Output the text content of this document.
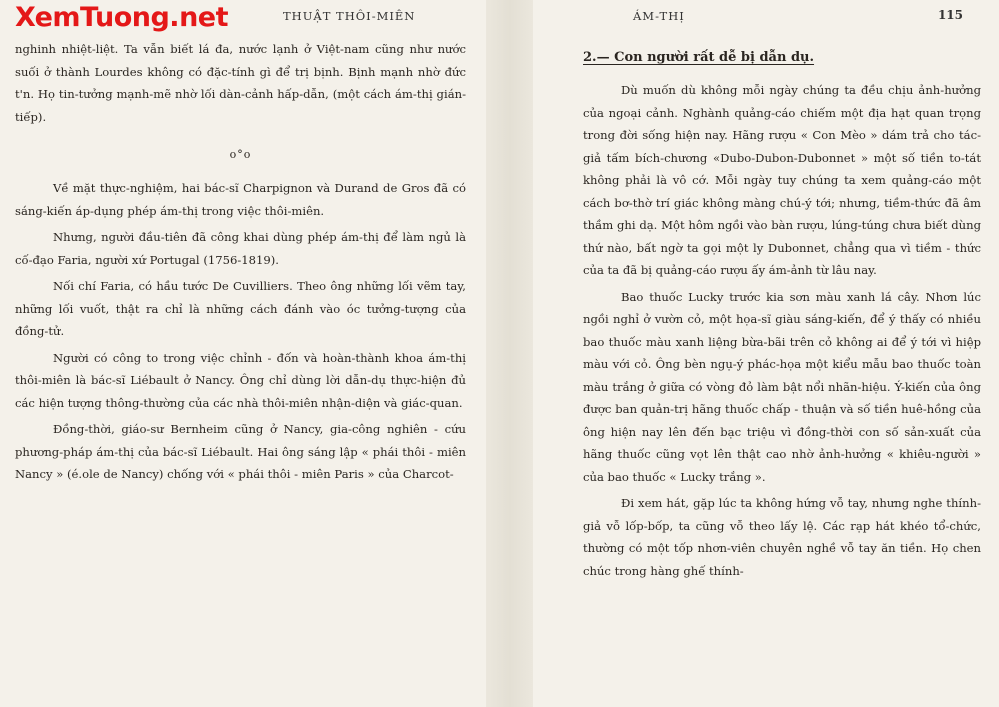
XemTuong.net	THUẬT THÔI-MIÊN

nghinh nhiệt-liệt. Ta vẫn biết lá đa, nước lạnh ở Việt-nam cũng như nước suối ở thành Lourdes không có đặc-tính gì để trị bịnh. Bịnh mạnh nhờ đức t'n. Họ tin-tưởng mạnh-mẽ nhờ lối dàn-cảnh hấp-dẫn, (một cách ám-thị gián-tiếp).

o°o

Về mặt thực-nghiệm, hai bác-sĩ Charpignon và Durand de Gros đã có sáng-kiến áp-dụng phép ám-thị trong việc thôi-miên.

Nhưng, người đầu-tiên đã công khai dùng phép ám-thị để làm ngủ là cố-đạo Faria, người xứ Portugal (1756-1819).

Nối chí Faria, có hầu tước De Cuvilliers. Theo ông những lối vẽm tay, những lối vuốt, thật ra chỉ là những cách đánh vào óc tưởng-tượng của đồng-tử.

Người có công to trong việc chỉnh - đốn và hoàn-thành khoa ám-thị thôi-miên là bác-sĩ Liébault ở Nancy. Ông chỉ dùng lời dẫn-dụ thực-hiện đủ các hiện tượng thông-thường của các nhà thôi-miên nhận-diện và giác-quan.

Đồng-thời, giáo-sư Bernheim cũng ở Nancy, gia-công nghiên - cứu phương-pháp ám-thị của bác-sĩ Liébault. Hai ông sáng lập « phái thôi - miên Nancy » (é.ole de Nancy) chống với « phái thôi - miên Paris » của Charcot-

ÁM-THỊ	115
2.— Con người rất dễ bị dẫn dụ.

Dù muốn dù không mỗi ngày chúng ta đều chịu ảnh-hưởng của ngoại cảnh. Nghành quảng-cáo chiếm một địa hạt quan trọng trong đời sống hiện nay. Hãng rượu « Con Mèo » dám trả cho tác-giả tấm bích-chương «Dubo-Dubon-Dubonnet » một số tiền to-tát không phải là vô cớ. Mỗi ngày tuy chúng ta xem quảng-cáo một cách bơ-thờ trí giác không màng chú-ý tới; nhưng, tiềm-thức đã âm thầm ghi dạ. Một hôm ngồi vào bàn rượu, lúng-túng chưa biết dùng thứ nào, bất ngờ ta gọi một ly Dubonnet, chẳng qua vì tiềm - thức của ta đã bị quảng-cáo rượu ấy ám-ảnh từ lâu nay.

Bao thuốc Lucky trước kia sơn màu xanh lá cây. Nhơn lúc ngồi nghỉ ở vườn cỏ, một họa-sĩ giàu sáng-kiến, để ý thấy có nhiều bao thuốc màu xanh liệng bừa-bãi trên cỏ không ai để ý tới vì hiệp màu với cỏ. Ông bèn ngụ-ý phác-họa một kiểu mẫu bao thuốc toàn màu trắng ở giữa có vòng đỏ làm bật nổi nhãn-hiệu. Ý-kiến của ông được ban quản-trị hãng thuốc chấp - thuận và số tiền huê-hồng của ông hiện nay lên đến bạc triệu vì đồng-thời con số sản-xuất của hãng thuốc cũng vọt lên thật cao nhờ ảnh-hưởng « khiêu-người » của bao thuốc « Lucky trắng ».

Đi xem hát, gặp lúc ta không hứng vỗ tay, nhưng nghe thính-giả vỗ lốp-bốp, ta cũng vỗ theo lấy lệ. Các rạp hát khéo tổ-chức, thường có một tốp nhơn-viên chuyên nghề vỗ tay ăn tiền. Họ chen chúc trong hàng ghế thính-
